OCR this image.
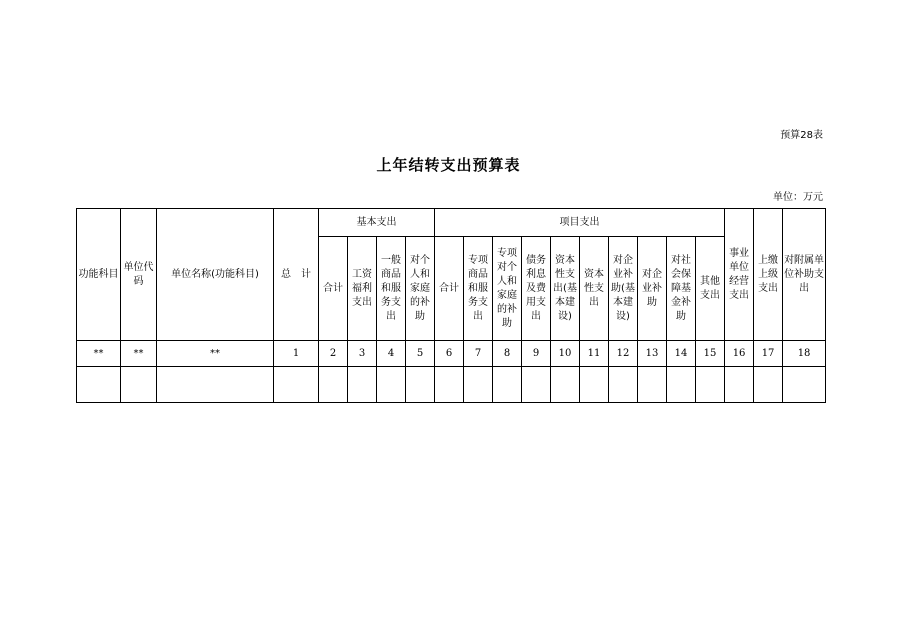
预算28表
上年结转支出预算表
单位：万元
功能科目	单位代码	单位名称(功能科目)	总　计	基本支出				项目支出										事业单位经营支出	上缴上级支出	对附属单位补助支出
				合计	工资福利支出	一般商品和服务支出	对个人和家庭的补助	合计	专项商品和服务支出	专项对个人和家庭的补助	债务利息及费用支出	资本性支出(基本建设)	资本性支出	对企业补助(基本建设)	对企业补助	对社会保障基金补助	其他支出			
**	**	**	1	2	3	4	5	6	7	8	9	10	11	12	13	14	15	16	17	18
